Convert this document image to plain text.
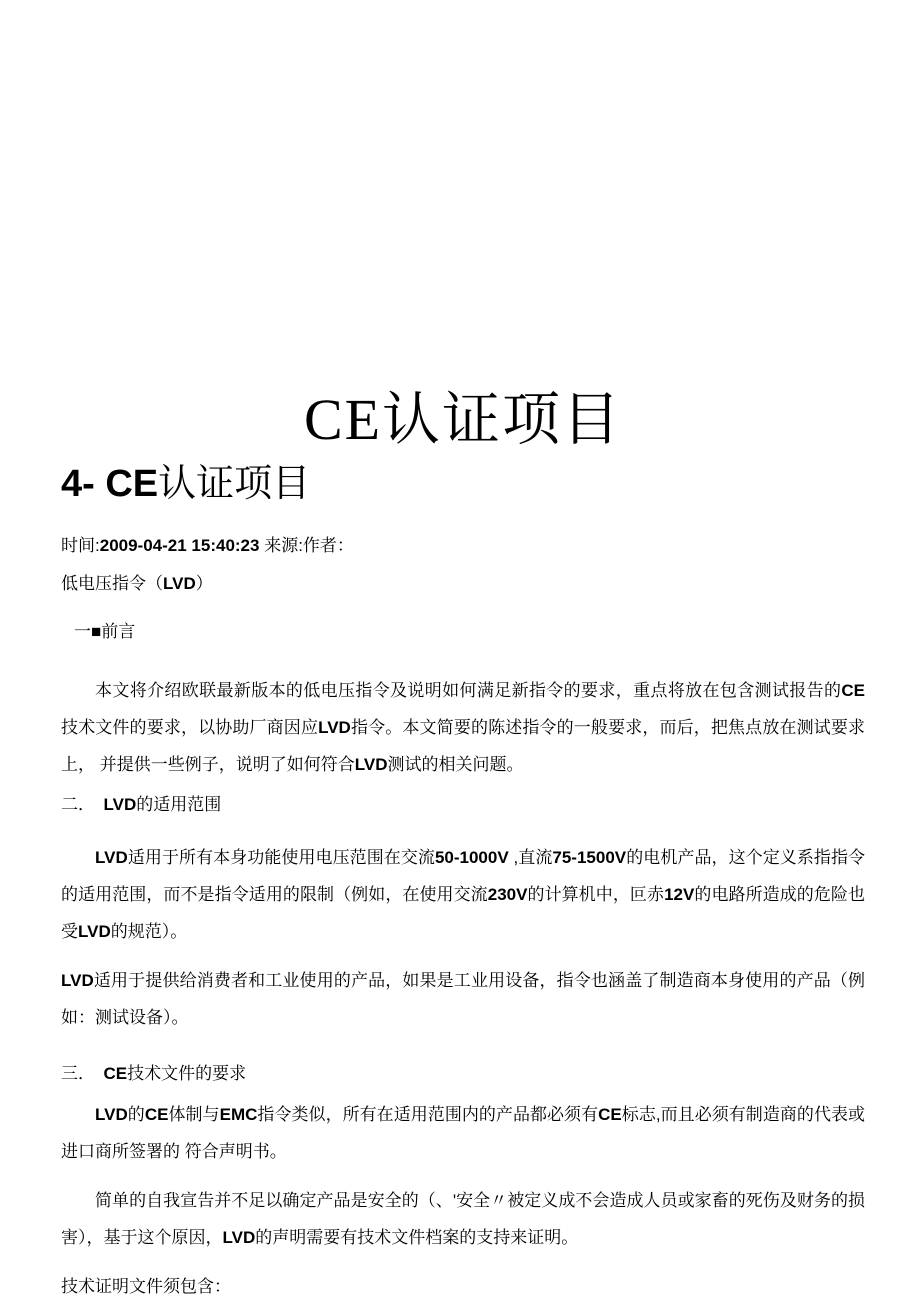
CE认证项目
4- CE认证项目

时间:2009-04-21 15:40:23 来源:作者：

低电压指令（LVD）

一■前言

本文将介绍欧联最新版本的低电压指令及说明如何满足新指令的要求，重点将放在包含测试报告的CE技术文件的要求，以协助厂商因应LVD指令。本文简要的陈述指令的一般要求，而后，把焦点放在测试要求上， 并提供一些例子，说明了如何符合LVD测试的相关问题。

二．　LVD的适用范围

LVD适用于所有本身功能使用电压范围在交流50-1000V ,直流75-1500V的电机产品，这个定义系指指令的适用范围，而不是指令适用的限制（例如，在使用交流230V的计算机中，叵赤12V的电路所造成的危险也受LVD的规范）。

LVD适用于提供给消费者和工业使用的产品，如果是工业用设备，指令也涵盖了制造商本身使用的产品（例如：测试设备）。

三．　CE技术文件的要求

LVD的CE体制与EMC指令类似，所有在适用范围内的产品都必须有CE标志,而且必须有制造商的代表或进口商所签署的 符合声明书。

简单的自我宣告并不足以确定产品是安全的（、'安全〃被定义成不会造成人员或家畜的死伤及财务的损害），基于这个原因，LVD的声明需要有技术文件档案的支持来证明。

技术证明文件须包含：
